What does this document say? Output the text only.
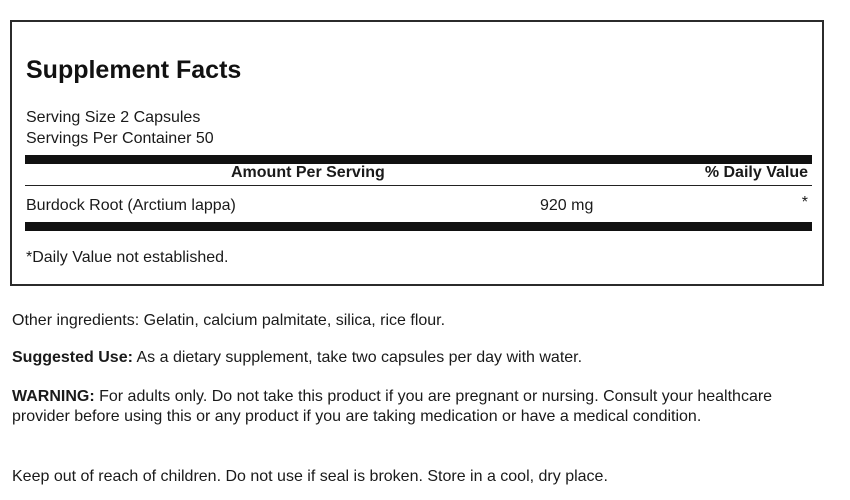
Supplement Facts
Serving Size 2 Capsules
Servings Per Container 50
Amount Per Serving	% Daily Value
Burdock Root (Arctium lappa)	920 mg	*
*Daily Value not established.
Other ingredients: Gelatin, calcium palmitate, silica, rice flour.
Suggested Use: As a dietary supplement, take two capsules per day with water.
WARNING: For adults only. Do not take this product if you are pregnant or nursing. Consult your healthcare provider before using this or any product if you are taking medication or have a medical condition.
Keep out of reach of children. Do not use if seal is broken. Store in a cool, dry place.
